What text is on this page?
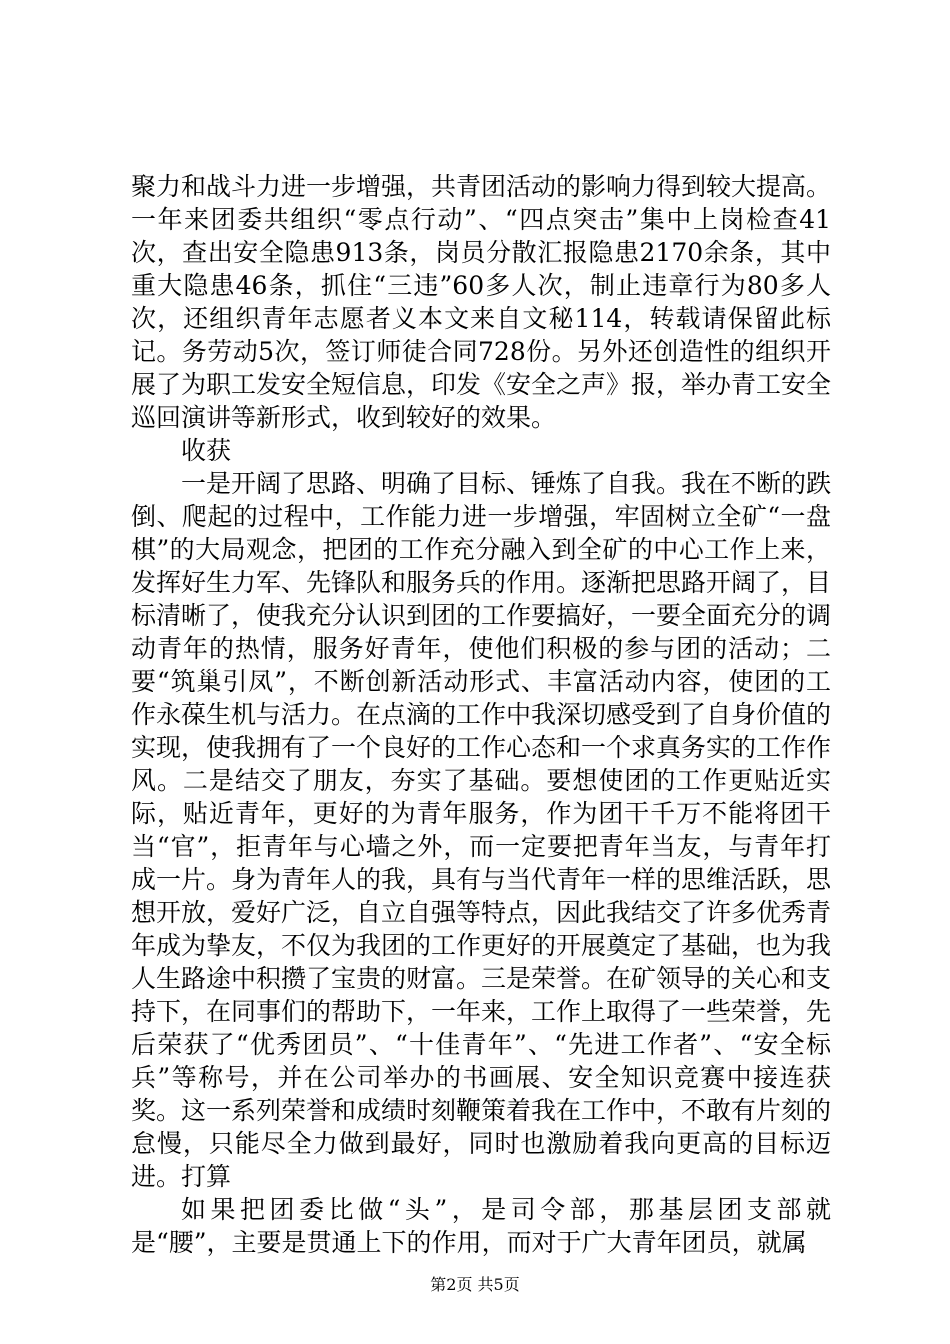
聚力和战斗力进一步增强，共青团活动的影响力得到较大提高。一年来团委共组织“零点行动”、“四点突击”集中上岗检查41次，查出安全隐患913条，岗员分散汇报隐患2170余条，其中重大隐患46条，抓住“三违”60多人次，制止违章行为80多人次，还组织青年志愿者义本文来自文秘114，转载请保留此标记。务劳动5次，签订师徒合同728份。另外还创造性的组织开展了为职工发安全短信息，印发《安全之声》报，举办青工安全巡回演讲等新形式，收到较好的效果。

收获

一是开阔了思路、明确了目标、锤炼了自我。我在不断的跌倒、爬起的过程中，工作能力进一步增强，牢固树立全矿“一盘棋”的大局观念，把团的工作充分融入到全矿的中心工作上来，发挥好生力军、先锋队和服务兵的作用。逐渐把思路开阔了，目标清晰了，使我充分认识到团的工作要搞好，一要全面充分的调动青年的热情，服务好青年，使他们积极的参与团的活动；二要“筑巢引凤”，不断创新活动形式、丰富活动内容，使团的工作永葆生机与活力。在点滴的工作中我深切感受到了自身价值的实现，使我拥有了一个良好的工作心态和一个求真务实的工作作风。二是结交了朋友，夯实了基础。要想使团的工作更贴近实际，贴近青年，更好的为青年服务，作为团干千万不能将团干当“官”，拒青年与心墙之外，而一定要把青年当友，与青年打成一片。身为青年人的我，具有与当代青年一样的思维活跃，思想开放，爱好广泛，自立自强等特点，因此我结交了许多优秀青年成为挚友，不仅为我团的工作更好的开展奠定了基础，也为我人生路途中积攒了宝贵的财富。三是荣誉。在矿领导的关心和支持下，在同事们的帮助下，一年来，工作上取得了一些荣誉，先后荣获了“优秀团员”、“十佳青年”、“先进工作者”、“安全标兵”等称号，并在公司举办的书画展、安全知识竞赛中接连获奖。这一系列荣誉和成绩时刻鞭策着我在工作中，不敢有片刻的怠慢，只能尽全力做到最好，同时也激励着我向更高的目标迈进。打算

如果把团委比做“头”，是司令部，那基层团支部就是“腰”，主要是贯通上下的作用，而对于广大青年团员，就属

第2页 共5页
